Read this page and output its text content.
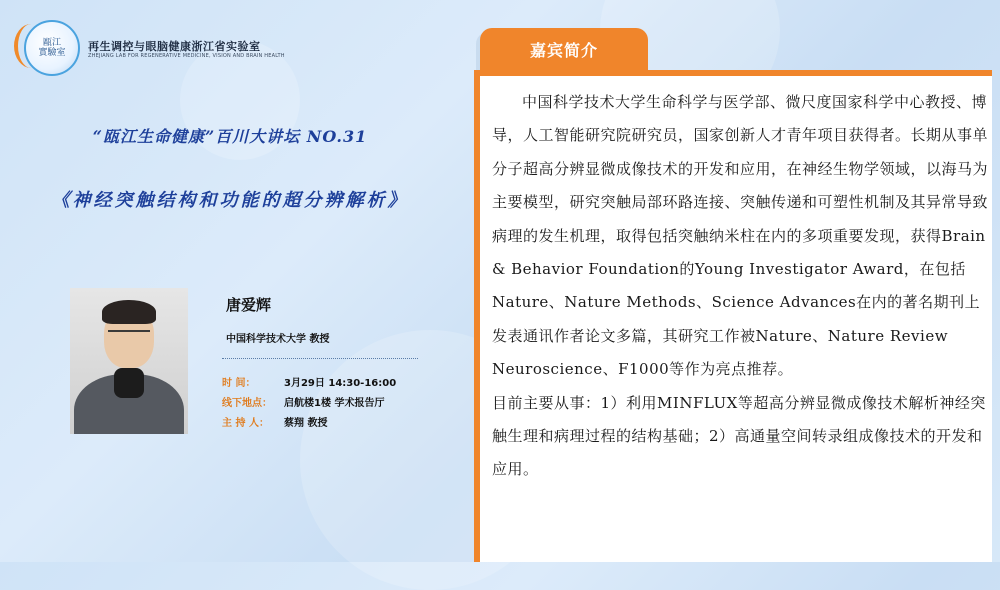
甌江
實驗室	再生调控与眼脑健康浙江省实验室
ZHEJIANG LAB FOR REGENERATIVE MEDICINE, VISION AND BRAIN HEALTH
“瓯江生命健康”百川大讲坛 NO.31
《神经突触结构和功能的超分辨解析》
唐爱辉
中国科学技术大学 教授
时 间：	3月29日 14:30-16:00
线下地点： 启航楼1楼 学术报告厅
主 持 人： 蔡翔 教授
嘉宾简介

中国科学技术大学生命科学与医学部、微尺度国家科学中心教授、博导，人工智能研究院研究员，国家创新人才青年项目获得者。长期从事单分子超高分辨显微成像技术的开发和应用，在神经生物学领域，以海马为主要模型，研究突触局部环路连接、突触传递和可塑性机制及其异常导致病理的发生机理，取得包括突触纳米柱在内的多项重要发现，获得Brain & Behavior Foundation的Young Investigator Award，在包括Nature、Nature Methods、Science Advances在内的著名期刊上发表通讯作者论文多篇，其研究工作被Nature、Nature Review Neuroscience、F1000等作为亮点推荐。

目前主要从事：1）利用MINFLUX等超高分辨显微成像技术解析神经突触生理和病理过程的结构基础；2）高通量空间转录组成像技术的开发和应用。
